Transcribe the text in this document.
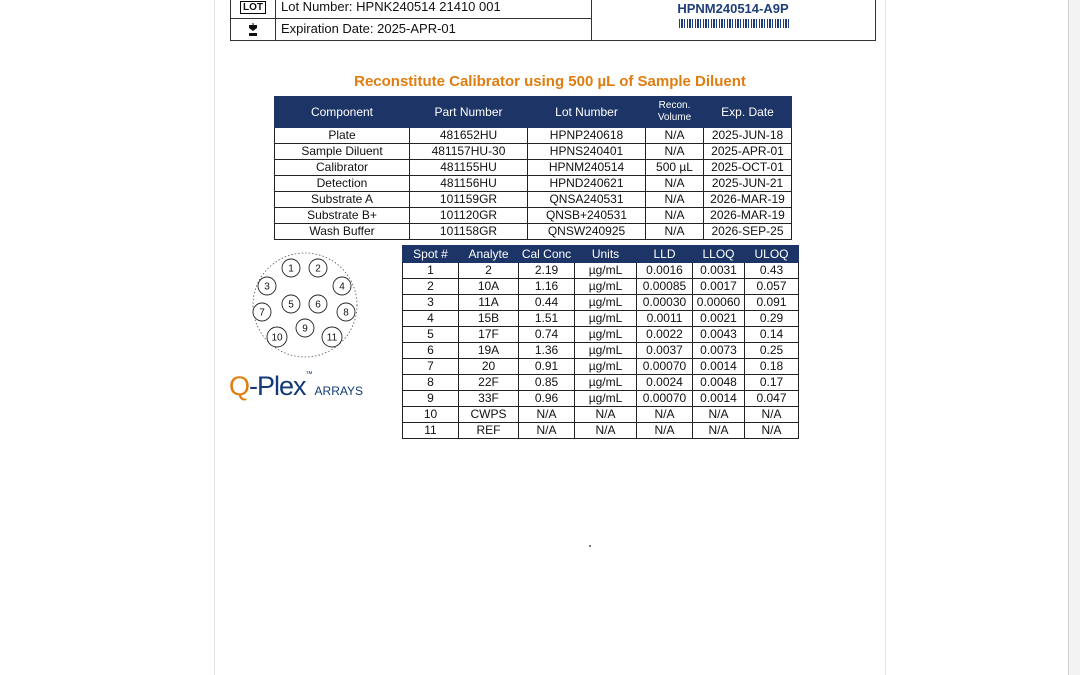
LOT Lot Number: HPNK240514 21410 001
Expiration Date: 2025-APR-01
HPNM240514-A9P
Reconstitute Calibrator using 500 µL of Sample Diluent
Component	Part Number	Lot Number	Recon. Volume	Exp. Date
Plate	481652HU	HPNP240618	N/A	2025-JUN-18
Sample Diluent	481157HU-30	HPNS240401	N/A	2025-APR-01
Calibrator	481155HU	HPNM240514	500 µL	2025-OCT-01
Detection	481156HU	HPND240621	N/A	2025-JUN-21
Substrate A	101159GR	QNSA240531	N/A	2026-MAR-19
Substrate B+	101120GR	QNSB+240531	N/A	2026-MAR-19
Wash Buffer	101158GR	QNSW240925	N/A	2026-SEP-25
1 2
3	4
5 6
7	8
9
10	11
Q-Plex™ARRAYS
Spot #	Analyte	Cal Conc	Units	LLD	LLOQ	ULOQ
1	2	2.19	µg/mL	0.0016	0.0031	0.43
2	10A	1.16	µg/mL	0.00085	0.0017	0.057
3	11A	0.44	µg/mL	0.00030	0.00060	0.091
4	15B	1.51	µg/mL	0.0011	0.0021	0.29
5	17F	0.74	µg/mL	0.0022	0.0043	0.14
6	19A	1.36	µg/mL	0.0037	0.0073	0.25
7	20	0.91	µg/mL	0.00070	0.0014	0.18
8	22F	0.85	µg/mL	0.0024	0.0048	0.17
9	33F	0.96	µg/mL	0.00070	0.0014	0.047
10	CWPS	N/A	N/A	N/A	N/A	N/A
11	REF	N/A	N/A	N/A	N/A	N/A
